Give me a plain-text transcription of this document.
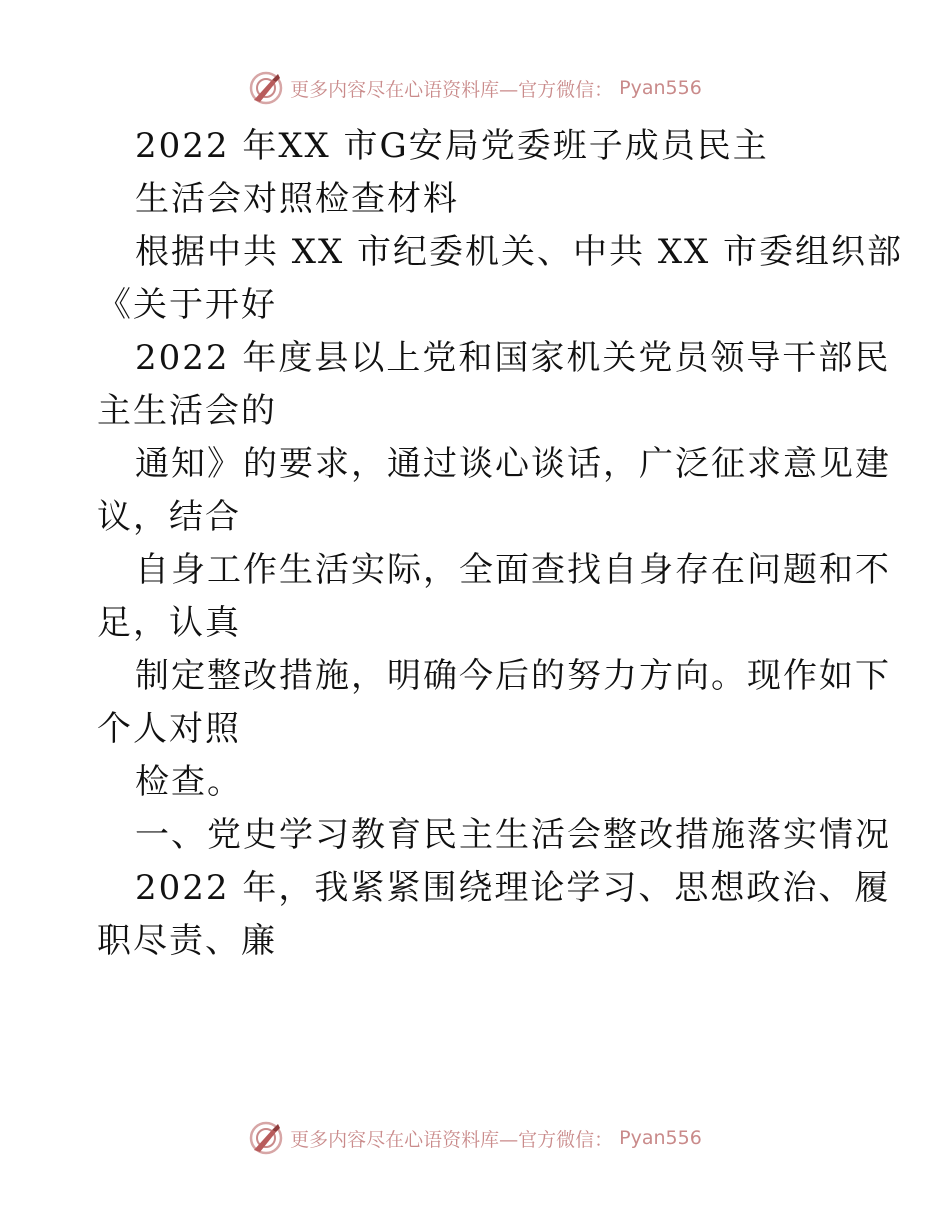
更多内容尽在心语资料库—官方微信： Pyan556
2022 年XX 市G安局党委班子成员民主
生活会对照检查材料
根据中共 XX 市纪委机关、中共 XX 市委组织部
《关于开好
2022 年度县以上党和国家机关党员领导干部民
主生活会的
通知》的要求，通过谈心谈话，广泛征求意见建
议，结合
自身工作生活实际，全面查找自身存在问题和不
足，认真
制定整改措施，明确今后的努力方向。现作如下
个人对照
检查。
一、党史学习教育民主生活会整改措施落实情况
2022 年，我紧紧围绕理论学习、思想政治、履
职尽责、廉
更多内容尽在心语资料库—官方微信： Pyan556
